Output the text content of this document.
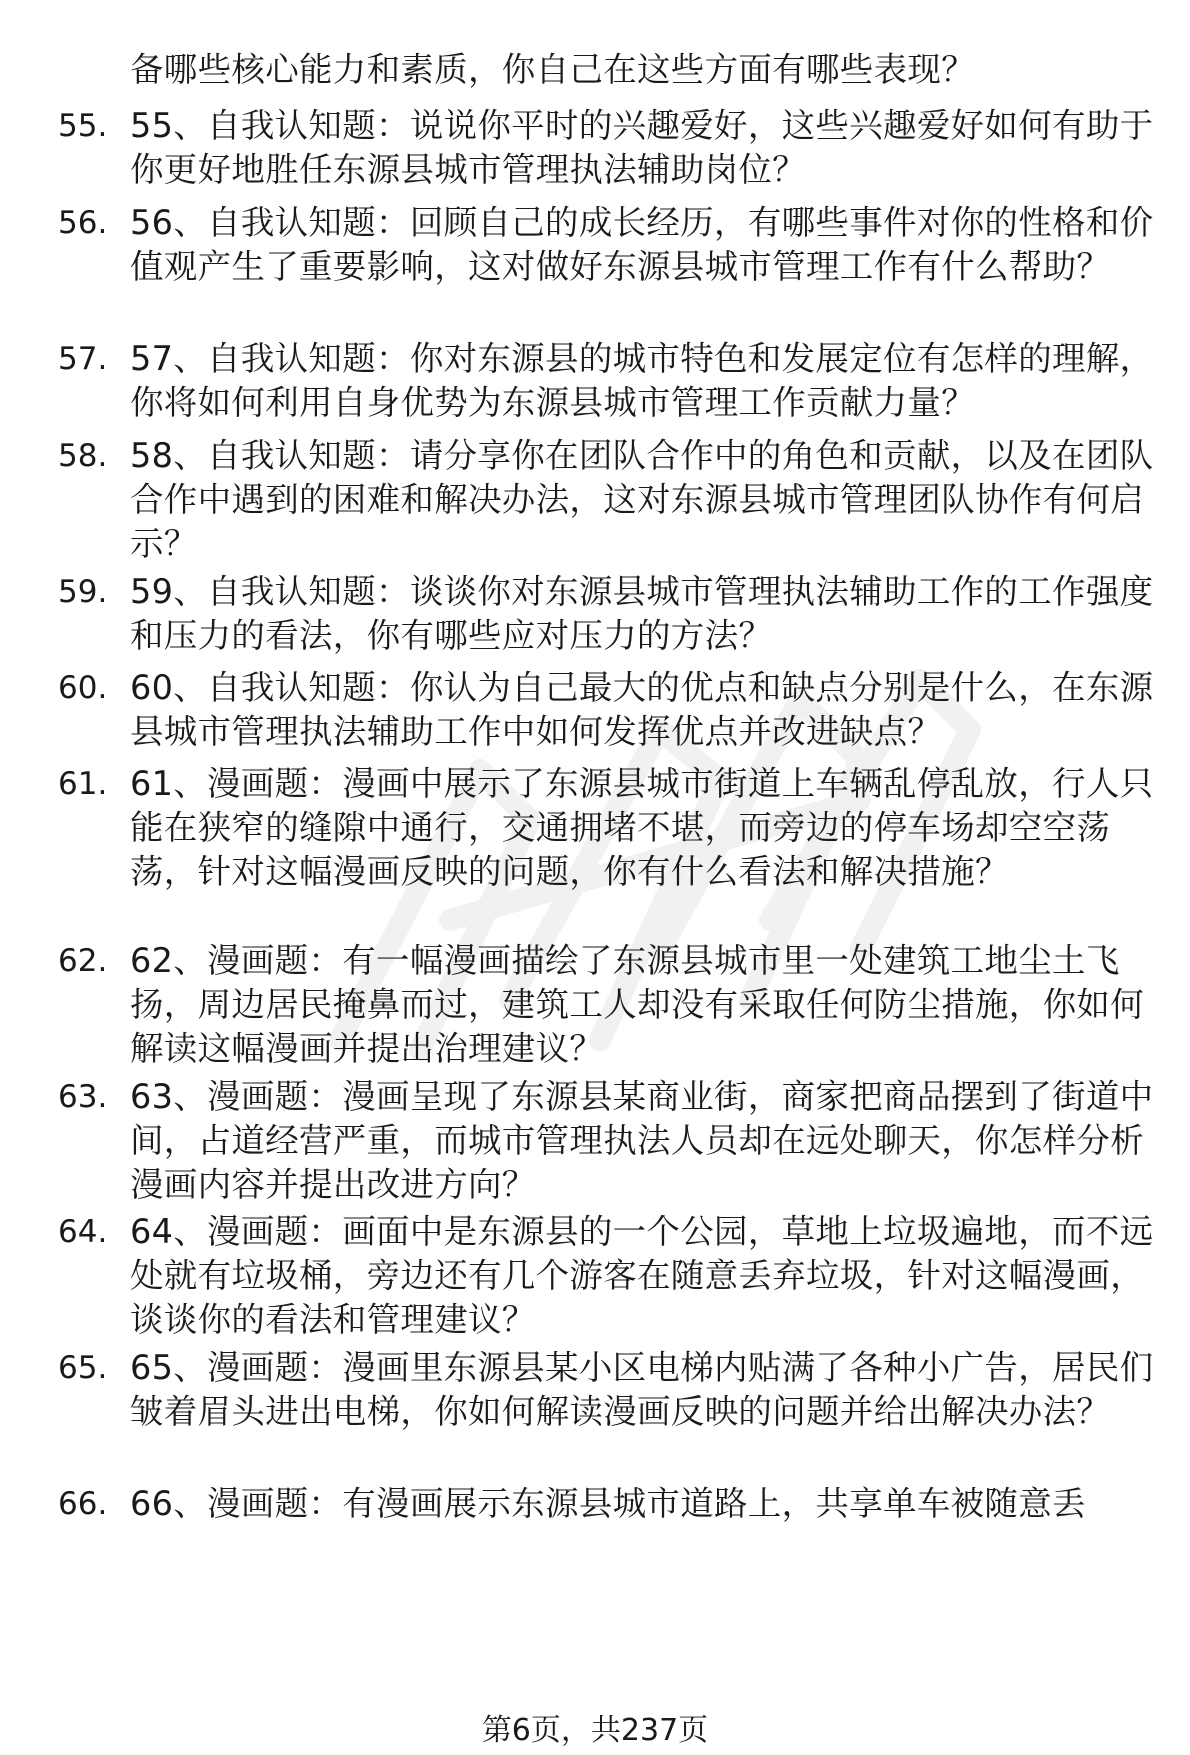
备哪些核心能力和素质，你自己在这些方面有哪些表现？
55. 55、自我认知题：说说你平时的兴趣爱好，这些兴趣爱好如何有助于你更好地胜任东源县城市管理执法辅助岗位？
56. 56、自我认知题：回顾自己的成长经历，有哪些事件对你的性格和价值观产生了重要影响，这对做好东源县城市管理工作有什么帮助？
57. 57、自我认知题：你对东源县的城市特色和发展定位有怎样的理解，你将如何利用自身优势为东源县城市管理工作贡献力量？
58. 58、自我认知题：请分享你在团队合作中的角色和贡献，以及在团队合作中遇到的困难和解决办法，这对东源县城市管理团队协作有何启示？
59. 59、自我认知题：谈谈你对东源县城市管理执法辅助工作的工作强度和压力的看法，你有哪些应对压力的方法？
60. 60、自我认知题：你认为自己最大的优点和缺点分别是什么，在东源县城市管理执法辅助工作中如何发挥优点并改进缺点？
61. 61、漫画题：漫画中展示了东源县城市街道上车辆乱停乱放，行人只能在狭窄的缝隙中通行，交通拥堵不堪，而旁边的停车场却空空荡荡，针对这幅漫画反映的问题，你有什么看法和解决措施？
62. 62、漫画题：有一幅漫画描绘了东源县城市里一处建筑工地尘土飞扬，周边居民掩鼻而过，建筑工人却没有采取任何防尘措施，你如何解读这幅漫画并提出治理建议？
63. 63、漫画题：漫画呈现了东源县某商业街，商家把商品摆到了街道中间，占道经营严重，而城市管理执法人员却在远处聊天，你怎样分析漫画内容并提出改进方向？
64. 64、漫画题：画面中是东源县的一个公园，草地上垃圾遍地，而不远处就有垃圾桶，旁边还有几个游客在随意丢弃垃圾，针对这幅漫画，谈谈你的看法和管理建议？
65. 65、漫画题：漫画里东源县某小区电梯内贴满了各种小广告，居民们皱着眉头进出电梯，你如何解读漫画反映的问题并给出解决办法？
66. 66、漫画题：有漫画展示东源县城市道路上，共享单车被随意丢
第6页，共237页
